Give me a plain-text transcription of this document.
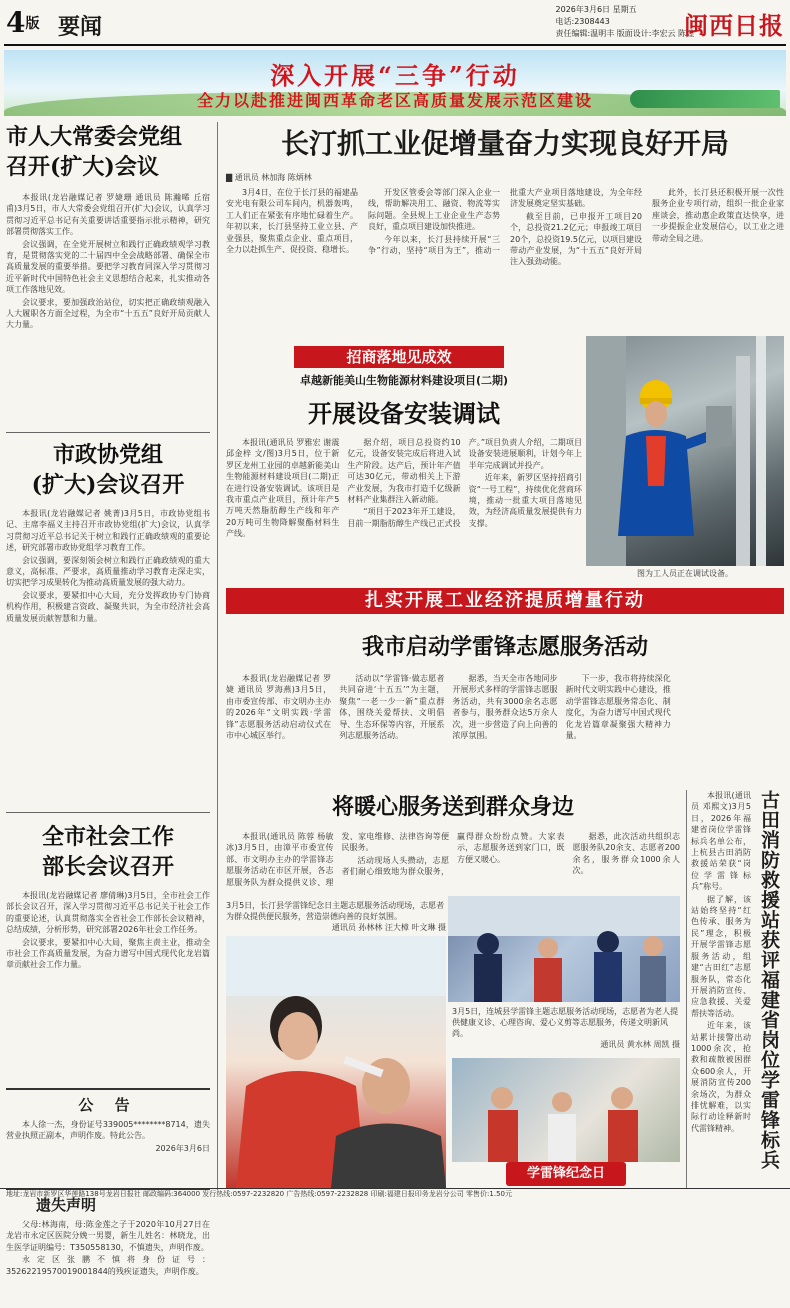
4版 要闻
2026年3月6日 星期五
电话:2308443
责任编辑:温明丰 版面设计:李宏云 陈煌
闽西日报
深入开展“三争”行动
全力以赴推进闽西革命老区高质量发展示范区建设
市人大常委会党组
召开(扩大)会议

本报讯(龙岩融媒记者 罗婕珊 通讯员 陈瀚晞 丘宿甫)3月5日，市人大常委会党组召开(扩大)会议，认真学习贯彻习近平总书记有关重要讲话重要指示批示精神，研究部署贯彻落实工作。

会议强调，在全党开展树立和践行正确政绩观学习教育，是贯彻落实党的二十届四中全会战略部署、确保全市高质量发展的重要举措。要把学习教育同深入学习贯彻习近平新时代中国特色社会主义思想结合起来，扎实推动各项工作落地见效。

会议要求，要加强政治站位，切实把正确政绩观融入人大履职各方面全过程，为全市“十五五”良好开局贡献人大力量。

市政协党组
(扩大)会议召开

本报讯(龙岩融媒记者 姚菁)3月5日，市政协党组书记、主席李福义主持召开市政协党组(扩大)会议，认真学习贯彻习近平总书记关于树立和践行正确政绩观的重要论述，研究部署市政协党组学习教育工作。

会议强调，要深刻领会树立和践行正确政绩观的重大意义，高标准、严要求，高质量推动学习教育走深走实，切实把学习成果转化为推动高质量发展的强大动力。

会议要求，要紧扣中心大局，充分发挥政协专门协商机构作用，积极建言资政、凝聚共识，为全市经济社会高质量发展贡献智慧和力量。

全市社会工作
部长会议召开

本报讯(龙岩融媒记者 廖倩琳)3月5日，全市社会工作部长会议召开，深入学习贯彻习近平总书记关于社会工作的重要论述，认真贯彻落实全省社会工作部长会议精神，总结成绩，分析形势，研究部署2026年社会工作任务。

会议要求，要紧扣中心大局，聚焦主责主业，推动全市社会工作高质量发展，为奋力谱写中国式现代化龙岩篇章贡献社会工作力量。

公 告

本人徐一杰，身份证号339005********8714，遗失营业执照正副本，声明作废。特此公告。

2026年3月6日
遗失声明

父母:林海南，母:陈金莲之子于2020年10月27日在龙岩市永定区医院分娩一男婴，新生儿姓名：林晓龙，出生医学证明编号：T350558130，不慎遗失，声明作废。

永定区张鹏不慎将身份证号：35262219570019001844的残疾证遗失，声明作废。

长汀抓工业促增量奋力实现良好开局
▇ 通讯员 林加海 陈炳林

3月4日，在位于长汀县的福建晶安光电有限公司车间内，机器轰鸣，工人们正在紧张有序地忙碌着生产。年初以来，长汀县坚持工业立县、产业强县，聚焦重点企业、重点项目，全力以赴抓生产、促投资、稳增长。

开发区管委会等部门深入企业一线，帮助解决用工、融资、物流等实际问题。全县规上工业企业生产态势良好，重点项目建设加快推进。

今年以来，长汀县持续开展“三争”行动，坚持“项目为王”，推动一批重大产业项目落地建设，为全年经济发展奠定坚实基础。

截至目前，已申报开工项目20个，总投资21.2亿元；申报竣工项目20个，总投资19.5亿元，以项目建设带动产业发展，为“十五五”良好开局注入强劲动能。

此外，长汀县还积极开展一次性服务企业专项行动，组织一批企业家座谈会，推动惠企政策直达快享，进一步提振企业发展信心，以工业之进带动全局之进。

招商落地见成效
卓越新能美山生物能源材料建设项目(二期)
开展设备安装调试

本报讯(通讯员 罗雅宏 谢震 邱金梓 文/图)3月5日，位于新罗区龙州工业园的卓越新能美山生物能源材料建设项目(二期)正在进行设备安装调试。该项目是我市重点产业项目，预计年产5万吨天然脂肪醇生产线和年产20万吨可生物降解聚酯材料生产线。

据介绍，项目总投资约10亿元，设备安装完成后将进入试生产阶段。达产后，预计年产值可达30亿元，带动相关上下游产业发展，为我市打造千亿级新材料产业集群注入新动能。

“项目于2023年开工建设，目前一期脂肪醇生产线已正式投产。”项目负责人介绍，二期项目设备安装进展顺利，计划今年上半年完成调试并投产。

近年来，新罗区坚持招商引资“一号工程”，持续优化营商环境，推动一批重大项目落地见效，为经济高质量发展提供有力支撑。

图为工人员正在调试设备。
扎实开展工业经济提质增量行动
我市启动学雷锋志愿服务活动

本报讯(龙岩融媒记者 罗婕 通讯员 罗海燕)3月5日，由市委宣传部、市文明办主办的2026年“文明实践·学雷锋”志愿服务活动启动仪式在市中心城区举行。

活动以“学雷锋·做志愿者 共同奋进‘十五五’”为主题，聚焦“一老一少一新”重点群体，围绕关爱帮扶、文明倡导、生态环保等内容，开展系列志愿服务活动。

据悉，当天全市各地同步开展形式多样的学雷锋志愿服务活动，共有3000余名志愿者参与，服务群众达5万余人次，进一步营造了向上向善的浓厚氛围。

下一步，我市将持续深化新时代文明实践中心建设，推动学雷锋志愿服务常态化、制度化，为奋力谱写中国式现代化龙岩篇章凝聚强大精神力量。

将暖心服务送到群众身边

本报讯(通讯员 陈蓉 杨敏冰)3月5日，由漳平市委宣传部、市文明办主办的学雷锋志愿服务活动在市区开展，各志愿服务队为群众提供义诊、理发、家电维修、法律咨询等便民服务。

活动现场人头攒动，志愿者们耐心细致地为群众服务，赢得群众纷纷点赞。大家表示，志愿服务送到家门口，既方便又暖心。

据悉，此次活动共组织志愿服务队20余支、志愿者200余名，服务群众1000余人次。

3月5日，长汀县学雷锋纪念日主题志愿服务活动现场，志愿者为群众提供便民服务，营造崇德向善的良好氛围。
通讯员 孙林林 汪大樟 叶文琳 摄
3月5日，连城县学雷锋主题志愿服务活动现场，志愿者为老人提供健康义诊、心理咨询、爱心义剪等志愿服务，传递文明新风尚。
通讯员 黄水林 周凯 摄
学雷锋纪念日

本报讯(通讯员 邓熙文)3月5日，2026年福建省岗位学雷锋标兵名单公布，上杭县古田消防救援站荣获“岗位学雷锋标兵”称号。

据了解，该站始终坚持“红色传承、服务为民”理念，积极开展学雷锋志愿服务活动，组建“古田红”志愿服务队，常态化开展消防宣传、应急救援、关爱帮扶等活动。

近年来，该站累计接警出动1000余次，抢救和疏散被困群众600余人，开展消防宣传200余场次，为群众排忧解难，以实际行动诠释新时代雷锋精神。	古田消防救援站获评福建省岗位学雷锋标兵
地址:龙岩市新罗区华莲路138号龙岩日报社 邮政编码:364000 发行热线:0597-2232820 广告热线:0597-2232828 印刷:福建日报印务龙岩分公司 零售价:1.50元
